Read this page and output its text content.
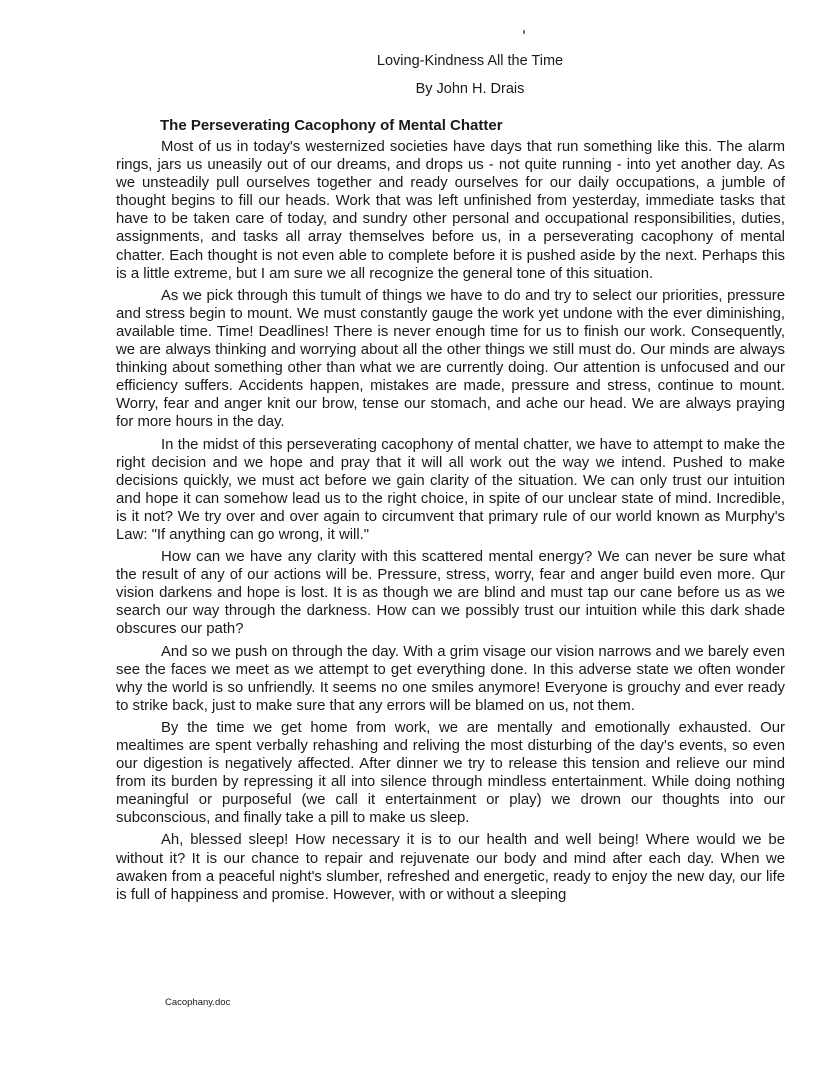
Loving-Kindness All the Time
By John H. Drais
The Perseverating Cacophony of Mental Chatter

Most of us in today's westernized societies have days that run something like this. The alarm rings, jars us uneasily out of our dreams, and drops us - not quite running - into yet another day. As we unsteadily pull ourselves together and ready ourselves for our daily occupations, a jumble of thought begins to fill our heads. Work that was left unfinished from yesterday, immediate tasks that have to be taken care of today, and sundry other personal and occupational responsibilities, duties, assignments, and tasks all array themselves before us, in a perseverating cacophony of mental chatter. Each thought is not even able to complete before it is pushed aside by the next. Perhaps this is a little extreme, but I am sure we all recognize the general tone of this situation.

As we pick through this tumult of things we have to do and try to select our priorities, pressure and stress begin to mount. We must constantly gauge the work yet undone with the ever diminishing, available time. Time! Deadlines! There is never enough time for us to finish our work. Consequently, we are always thinking and worrying about all the other things we still must do. Our minds are always thinking about something other than what we are currently doing. Our attention is unfocused and our efficiency suffers. Accidents happen, mistakes are made, pressure and stress, continue to mount. Worry, fear and anger knit our brow, tense our stomach, and ache our head. We are always praying for more hours in the day.

In the midst of this perseverating cacophony of mental chatter, we have to attempt to make the right decision and we hope and pray that it will all work out the way we intend. Pushed to make decisions quickly, we must act before we gain clarity of the situation. We can only trust our intuition and hope it can somehow lead us to the right choice, in spite of our unclear state of mind. Incredible, is it not? We try over and over again to circumvent that primary rule of our world known as Murphy's Law: "If anything can go wrong, it will."

How can we have any clarity with this scattered mental energy? We can never be sure what the result of any of our actions will be. Pressure, stress, worry, fear and anger build even more. Our vision darkens and hope is lost. It is as though we are blind and must tap our cane before us as we search our way through the darkness. How can we possibly trust our intuition while this dark shade obscures our path?

And so we push on through the day. With a grim visage our vision narrows and we barely even see the faces we meet as we attempt to get everything done. In this adverse state we often wonder why the world is so unfriendly. It seems no one smiles anymore! Everyone is grouchy and ever ready to strike back, just to make sure that any errors will be blamed on us, not them.

By the time we get home from work, we are mentally and emotionally exhausted. Our mealtimes are spent verbally rehashing and reliving the most disturbing of the day's events, so even our digestion is negatively affected. After dinner we try to release this tension and relieve our mind from its burden by repressing it all into silence through mindless entertainment. While doing nothing meaningful or purposeful (we call it entertainment or play) we drown our thoughts into our subconscious, and finally take a pill to make us sleep.

Ah, blessed sleep! How necessary it is to our health and well being! Where would we be without it? It is our chance to repair and rejuvenate our body and mind after each day. When we awaken from a peaceful night's slumber, refreshed and energetic, ready to enjoy the new day, our life is full of happiness and promise. However, with or without a sleeping

Cacophany.doc
